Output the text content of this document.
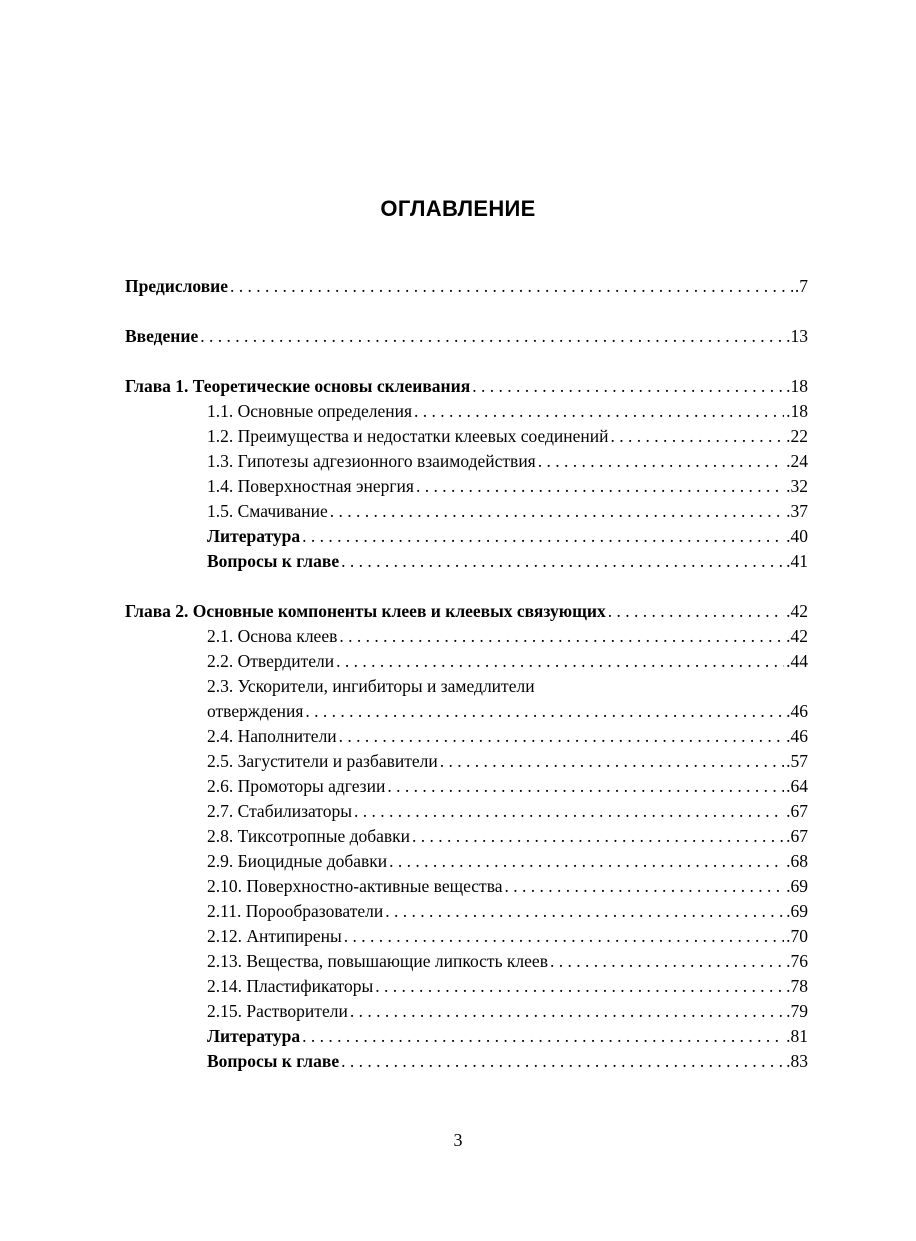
ОГЛАВЛЕНИЕ
Предисловие . . .	.7
Введение . . .	.13
Глава 1. Теоретические основы склеивания . . .	.18
1.1. Основные определения . . .	.18
1.2. Преимущества и недостатки клеевых соединений . . .	.22
1.3. Гипотезы адгезионного взаимодействия . . .	.24
1.4. Поверхностная энергия . . .	.32
1.5. Смачивание . . .	.37
Литература . . .	.40
Вопросы к главе . . .	.41
Глава 2. Основные компоненты клеев и клеевых связующих . . .	.42
2.1. Основа клеев . . .	.42
2.2. Отвердители . . .	.44
2.3. Ускорители, ингибиторы и замедлители
отверждения . . .	.46
2.4. Наполнители . . .	.46
2.5. Загустители и разбавители . . .	.57
2.6. Промоторы адгезии . . .	.64
2.7. Стабилизаторы . . .	.67
2.8. Тиксотропные добавки . . .	.67
2.9. Биоцидные добавки . . .	.68
2.10. Поверхностно-активные вещества . . .	.69
2.11. Порообразователи . . .	.69
2.12. Антипирены . . .	.70
2.13. Вещества, повышающие липкость клеев . . .	.76
2.14. Пластификаторы . . .	.78
2.15. Растворители . . .	.79
Литература . . .	.81
Вопросы к главе . . .	.83
3
